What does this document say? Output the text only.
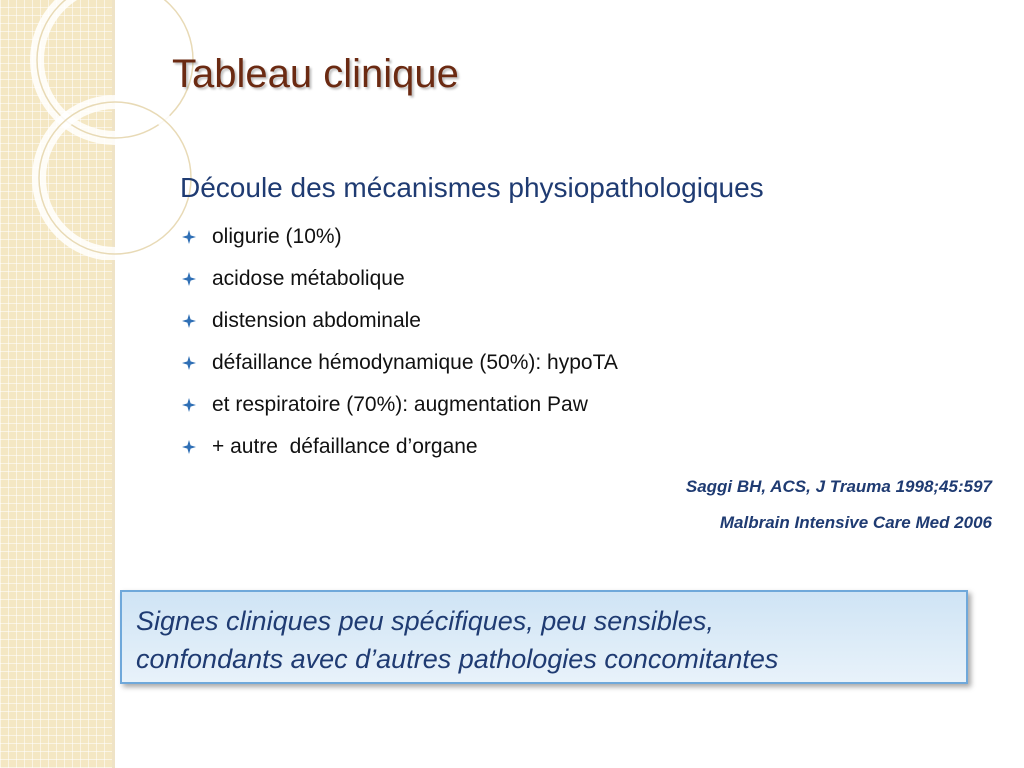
Tableau clinique
Découle des mécanismes physiopathologiques
oligurie (10%)
acidose métabolique
distension abdominale
défaillance hémodynamique (50%): hypoTA
et respiratoire (70%): augmentation Paw
+ autre  défaillance d’organe
Saggi BH, ACS, J Trauma 1998;45:597
Malbrain Intensive Care Med 2006
Signes cliniques peu spécifiques, peu sensibles,
confondants avec d’autres pathologies concomitantes
